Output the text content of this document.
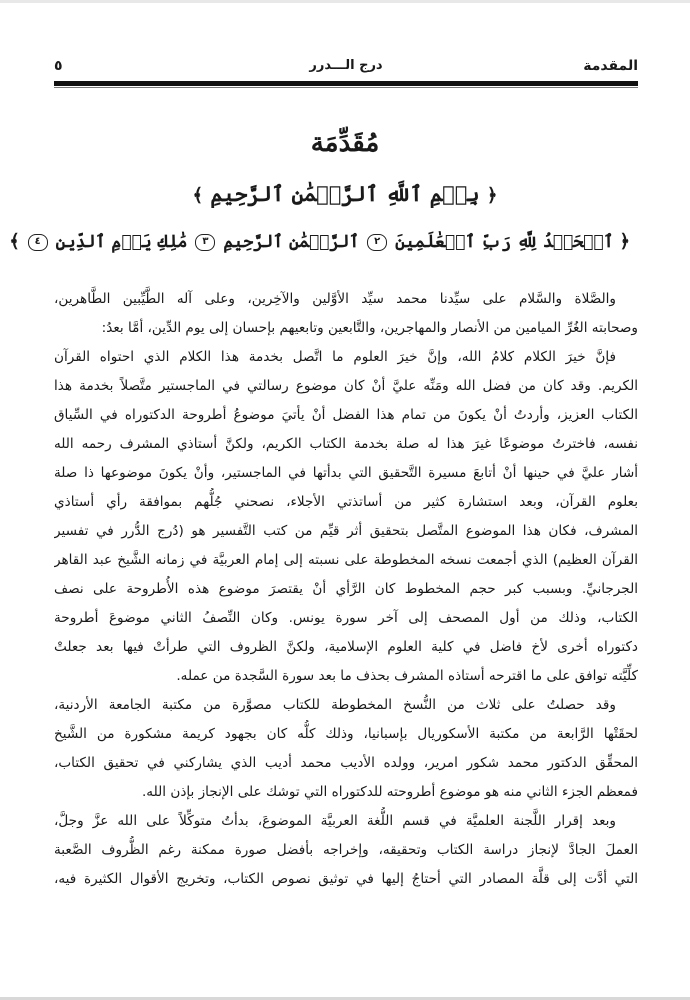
المقدمة
درج الـــدرر
٥
مُقَدِّمَة
﴿ بِسۡمِ ٱللَّهِ ٱلرَّحۡمَٰنِ ٱلرَّحِيمِ ﴾
﴿ ٱلۡحَمۡدُ لِلَّهِ رَبِّ ٱلۡعَٰلَمِينَ ٢ ٱلرَّحۡمَٰنِ ٱلرَّحِيمِ ٣ مَٰلِكِ يَوۡمِ ٱلدِّينِ ٤ ﴾
والصَّلاة والسَّلام على سيِّدنا محمد سيِّد الأوَّلين والآخِرين، وعلى آله الطَّيِّبين الطَّاهرين،
وصحابته الغُرِّ الميامين من الأنصار والمهاجرين، والتَّابعين وتابعيهم بإحسان إلى يوم الدِّين، أمَّا بعدُ:
فإنَّ خيرَ الكلام كلامُ الله، وإنَّ خيرَ العلوم ما اتَّصل بخدمة هذا الكلام الذي احتواه القرآن
الكريم. وقد كان من فضل الله ومَنِّه عليَّ أنْ كان موضوع رسالتي في الماجستير متَّصلاً بخدمة هذا
الكتاب العزيز، وأردتُ أنْ يكونَ من تمام هذا الفضل أنْ يأتيَ موضوعُ أطروحة الدكتوراه في السِّياق
نفسه، فاخترتُ موضوعًا غيرَ هذا له صلة بخدمة الكتاب الكريم، ولكنَّ أستاذي المشرف رحمه الله
أشار عليَّ في حينها أنْ أتابعَ مسيرة التَّحقيق التي بدأتها في الماجستير، وأنْ يكونَ موضوعها ذا صلة
بعلوم القرآن، وبعد استشارة كثير من أساتذتي الأجلاء، نصحني جُلُّهم بموافقة رأي أستاذي
المشرف، فكان هذا الموضوع المتَّصل بتحقيق أثر قيِّم من كتب التَّفسير هو (دُرج الدُّرر في تفسير
القرآن العظيم) الذي أجمعت نسخه المخطوطة على نسبته إلى إمام العربيَّة في زمانه الشَّيخ عبد القاهر
الجرجانيِّ. وبسبب كبر حجم المخطوط كان الرَّأي أنْ يقتصرَ موضوع هذه الأُطروحة على نصف
الكتاب، وذلك من أول المصحف إلى آخر سورة يونس. وكان النِّصفُ الثاني موضوعَ أطروحة
دكتوراه أخرى لأخ فاضل في كلية العلوم الإسلامية، ولكنَّ الظروف التي طرأتْ فيها بعد جعلتْ
كلِّيَّته توافق على ما اقترحه أستاذه المشرف بحذف ما بعد سورة السَّجدة من عمله.
وقد حصلتُ على ثلاث من النُّسخ المخطوطة للكتاب مصوَّرة من مكتبة الجامعة الأردنية،
لحقَتْها الرَّابعة من مكتبة الأسكوريال بإسبانيا، وذلك كلُّه كان بجهود كريمة مشكورة من الشَّيخ
المحقِّق الدكتور محمد شكور امرير، وولده الأديب محمد أديب الذي يشاركني في تحقيق الكتاب،
فمعظم الجزء الثاني منه هو موضوع أطروحته للدكتوراه التي توشك على الإنجاز بإذن الله.
وبعد إقرار اللَّجنة العلميَّة في قسم اللُّغة العربيَّة الموضوعَ، بدأتُ متوكِّلاً على الله عزَّ وجلَّ،
العملَ الجادَّ لإنجاز دراسة الكتاب وتحقيقه، وإخراجه بأفضل صورة ممكنة رغم الظُّروف الصَّعبة
التي أدَّت إلى قلَّة المصادر التي أحتاجُ إليها في توثيق نصوص الكتاب، وتخريج الأقوال الكثيرة فيه،
